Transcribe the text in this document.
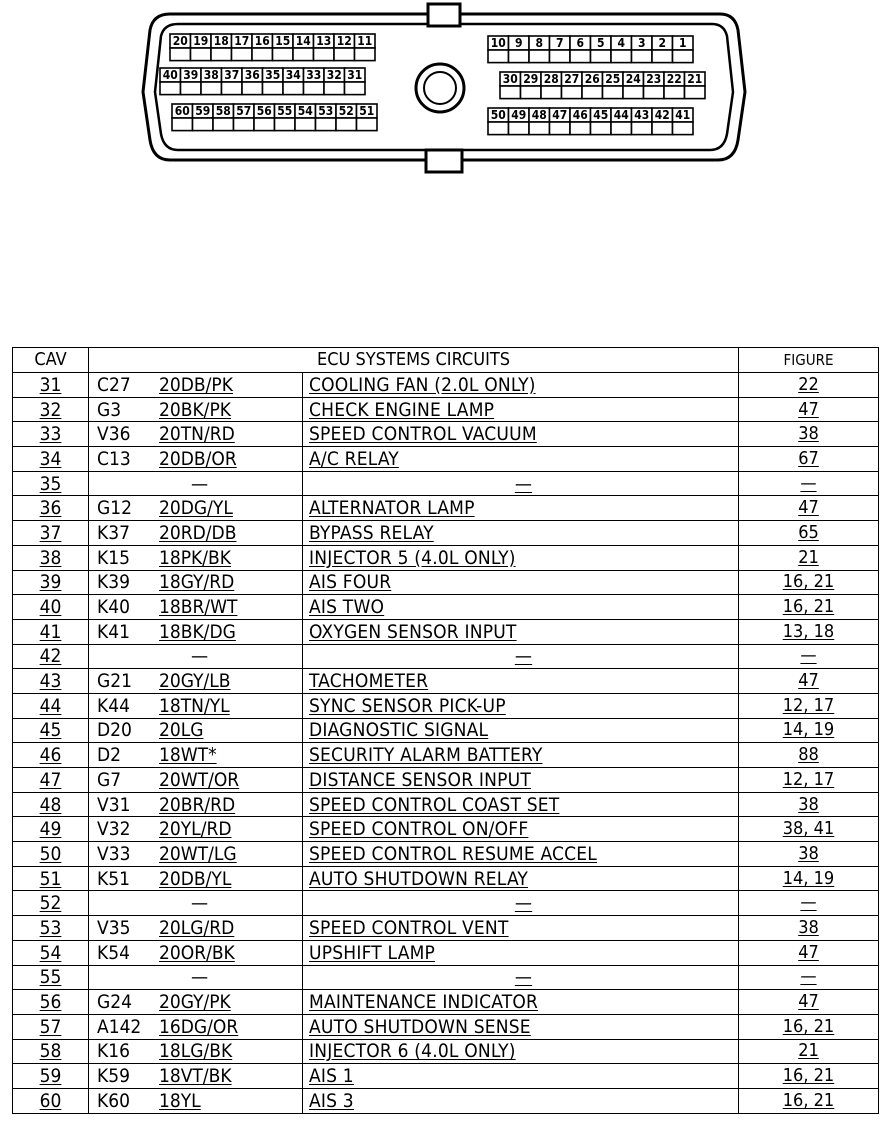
20 19 18 17 16 15 14 13 12 11
40 39 38 37 36 35 34 33 32 31
60 59 58 57 56 55 54 53 52 51
10 9 8 7 6 5 4 3 2 1
30 29 28 27 26 25 24 23 22 21
50 49 48 47 46 45 44 43 42 41
CAV	ECU SYSTEMS CIRCUITS		FIGURE
31	C27 20DB/PK	COOLING FAN (2.0L ONLY)	22
32	G3 20BK/PK	CHECK ENGINE LAMP	47
33	V36 20TN/RD	SPEED CONTROL VACUUM	38
34	C13 20DB/OR	A/C RELAY	67
35	—	—	—
36	G12 20DG/YL	ALTERNATOR LAMP	47
37	K37 20RD/DB	BYPASS RELAY	65
38	K15 18PK/BK	INJECTOR 5 (4.0L ONLY)	21
39	K39 18GY/RD	AIS FOUR	16, 21
40	K40 18BR/WT	AIS TWO	16, 21
41	K41 18BK/DG	OXYGEN SENSOR INPUT	13, 18
42	—	—	—
43	G21 20GY/LB	TACHOMETER	47
44	K44 18TN/YL	SYNC SENSOR PICK-UP	12, 17
45	D20 20LG	DIAGNOSTIC SIGNAL	14, 19
46	D2 18WT*	SECURITY ALARM BATTERY	88
47	G7 20WT/OR	DISTANCE SENSOR INPUT	12, 17
48	V31 20BR/RD	SPEED CONTROL COAST SET	38
49	V32 20YL/RD	SPEED CONTROL ON/OFF	38, 41
50	V33 20WT/LG	SPEED CONTROL RESUME ACCEL	38
51	K51 20DB/YL	AUTO SHUTDOWN RELAY	14, 19
52	—	—	—
53	V35 20LG/RD	SPEED CONTROL VENT	38
54	K54 20OR/BK	UPSHIFT LAMP	47
55	—	—	—
56	G24 20GY/PK	MAINTENANCE INDICATOR	47
57	A142 16DG/OR	AUTO SHUTDOWN SENSE	16, 21
58	K16 18LG/BK	INJECTOR 6 (4.0L ONLY)	21
59	K59 18VT/BK	AIS 1	16, 21
60	K60 18YL	AIS 3	16, 21
